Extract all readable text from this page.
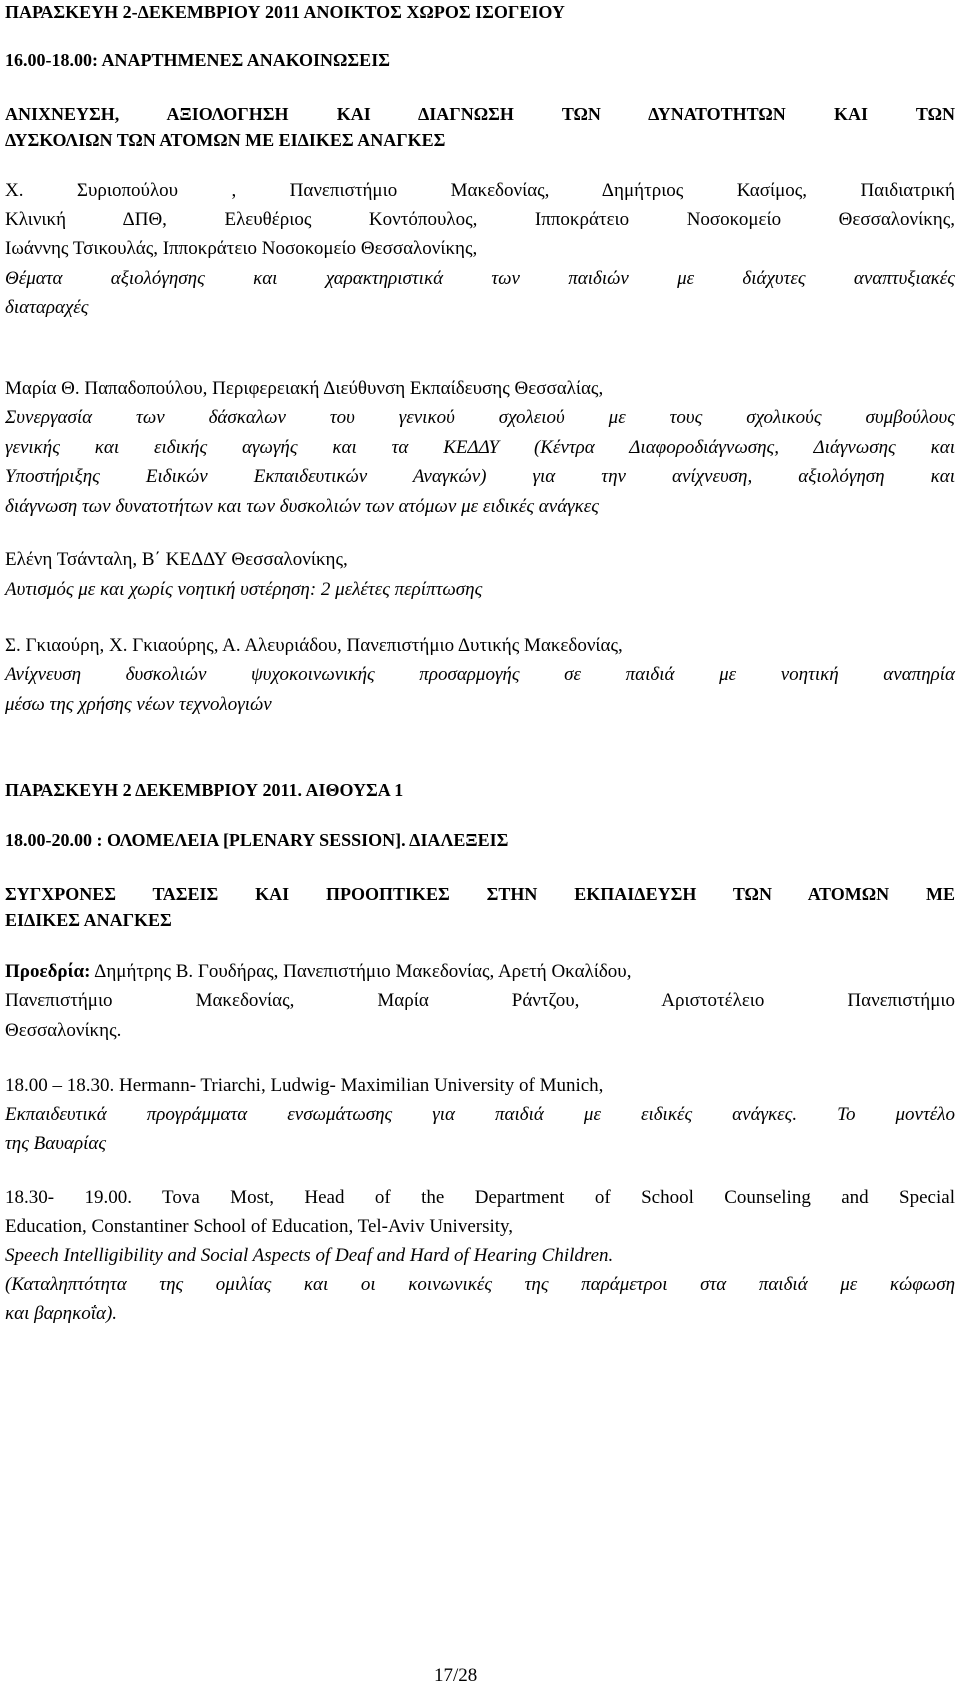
ΠΑΡΑΣΚΕΥΗ 2-ΔΕΚΕΜΒΡΙΟΥ 2011 ΑΝΟΙΚΤΟΣ ΧΩΡΟΣ ΙΣΟΓΕΙΟΥ
16.00-18.00: ΑΝΑΡΤΗΜΕΝΕΣ ΑΝΑΚΟΙΝΩΣΕΙΣ
ΑΝΙΧΝΕΥΣΗ, ΑΞΙΟΛΟΓΗΣΗ ΚΑΙ ΔΙΑΓΝΩΣΗ ΤΩΝ ΔΥΝΑΤΟΤΗΤΩΝ ΚΑΙ ΤΩΝ
ΔΥΣΚΟΛΙΩΝ ΤΩΝ ΑΤΟΜΩΝ ΜΕ ΕΙΔΙΚΕΣ ΑΝΑΓΚΕΣ
Χ. Συριοπούλου , Πανεπιστήμιο Μακεδονίας, Δημήτριος Κασίμος, Παιδιατρική
Κλινική ΔΠΘ, Ελευθέριος Κοντόπουλος, Ιπποκράτειο Νοσοκομείο Θεσσαλονίκης,
Ιωάννης Τσικουλάς, Ιπποκράτειο Νοσοκομείο Θεσσαλονίκης,
Θέματα αξιολόγησης και χαρακτηριστικά των παιδιών με διάχυτες αναπτυξιακές
διαταραχές
Μαρία Θ. Παπαδοπούλου, Περιφερειακή Διεύθυνση Εκπαίδευσης Θεσσαλίας,
Συνεργασία των δάσκαλων του γενικού σχολειού με τους σχολικούς συμβούλους
γενικής και ειδικής αγωγής και τα ΚΕΔΔΥ (Κέντρα Διαφοροδιάγνωσης, Διάγνωσης και
Υποστήριξης Ειδικών Εκπαιδευτικών Αναγκών) για την ανίχνευση, αξιολόγηση και
διάγνωση των δυνατοτήτων και των δυσκολιών των ατόμων με ειδικές ανάγκες
Ελένη Τσάνταλη, Β΄ ΚΕΔΔΥ Θεσσαλονίκης,
Αυτισμός με και χωρίς νοητική υστέρηση: 2 μελέτες περίπτωσης
Σ. Γκιαούρη, Χ. Γκιαούρης, Α. Αλευριάδου, Πανεπιστήμιο Δυτικής Μακεδονίας,
Ανίχνευση δυσκολιών ψυχοκοινωνικής προσαρμογής σε παιδιά με νοητική αναπηρία
μέσω της χρήσης νέων τεχνολογιών
ΠΑΡΑΣΚΕΥΗ 2 ΔΕΚΕΜΒΡΙΟΥ 2011. ΑΙΘΟΥΣΑ 1
18.00-20.00 : ΟΛΟΜΕΛΕΙΑ [PLENARY SESSION]. ΔΙΑΛΕΞΕΙΣ
ΣΥΓΧΡΟΝΕΣ ΤΑΣΕΙΣ ΚΑΙ ΠΡΟΟΠΤΙΚΕΣ ΣΤΗΝ ΕΚΠΑΙΔΕΥΣΗ ΤΩΝ ΑΤΟΜΩΝ ΜΕ
ΕΙΔΙΚΕΣ ΑΝΑΓΚΕΣ
Προεδρία: Δημήτρης Β. Γουδήρας, Πανεπιστήμιο Μακεδονίας, Αρετή Οκαλίδου,
Πανεπιστήμιο Μακεδονίας, Μαρία Ράντζου, Αριστοτέλειο Πανεπιστήμιο
Θεσσαλονίκης.
18.00 – 18.30. Hermann- Triarchi, Ludwig- Maximilian University of Munich,
Εκπαιδευτικά προγράμματα ενσωμάτωσης για παιδιά με ειδικές ανάγκες. Το μοντέλο
της Βαυαρίας
18.30- 19.00. Tova Most, Head of the Department of School Counseling and Special
Education, Constantiner School of Education, Tel-Aviv University,
Speech Intelligibility and Social Aspects of Deaf and Hard of Hearing Children.
(Καταληπτότητα της ομιλίας και οι κοινωνικές της παράμετροι στα παιδιά με κώφωση
και βαρηκοΐα).
17/28
